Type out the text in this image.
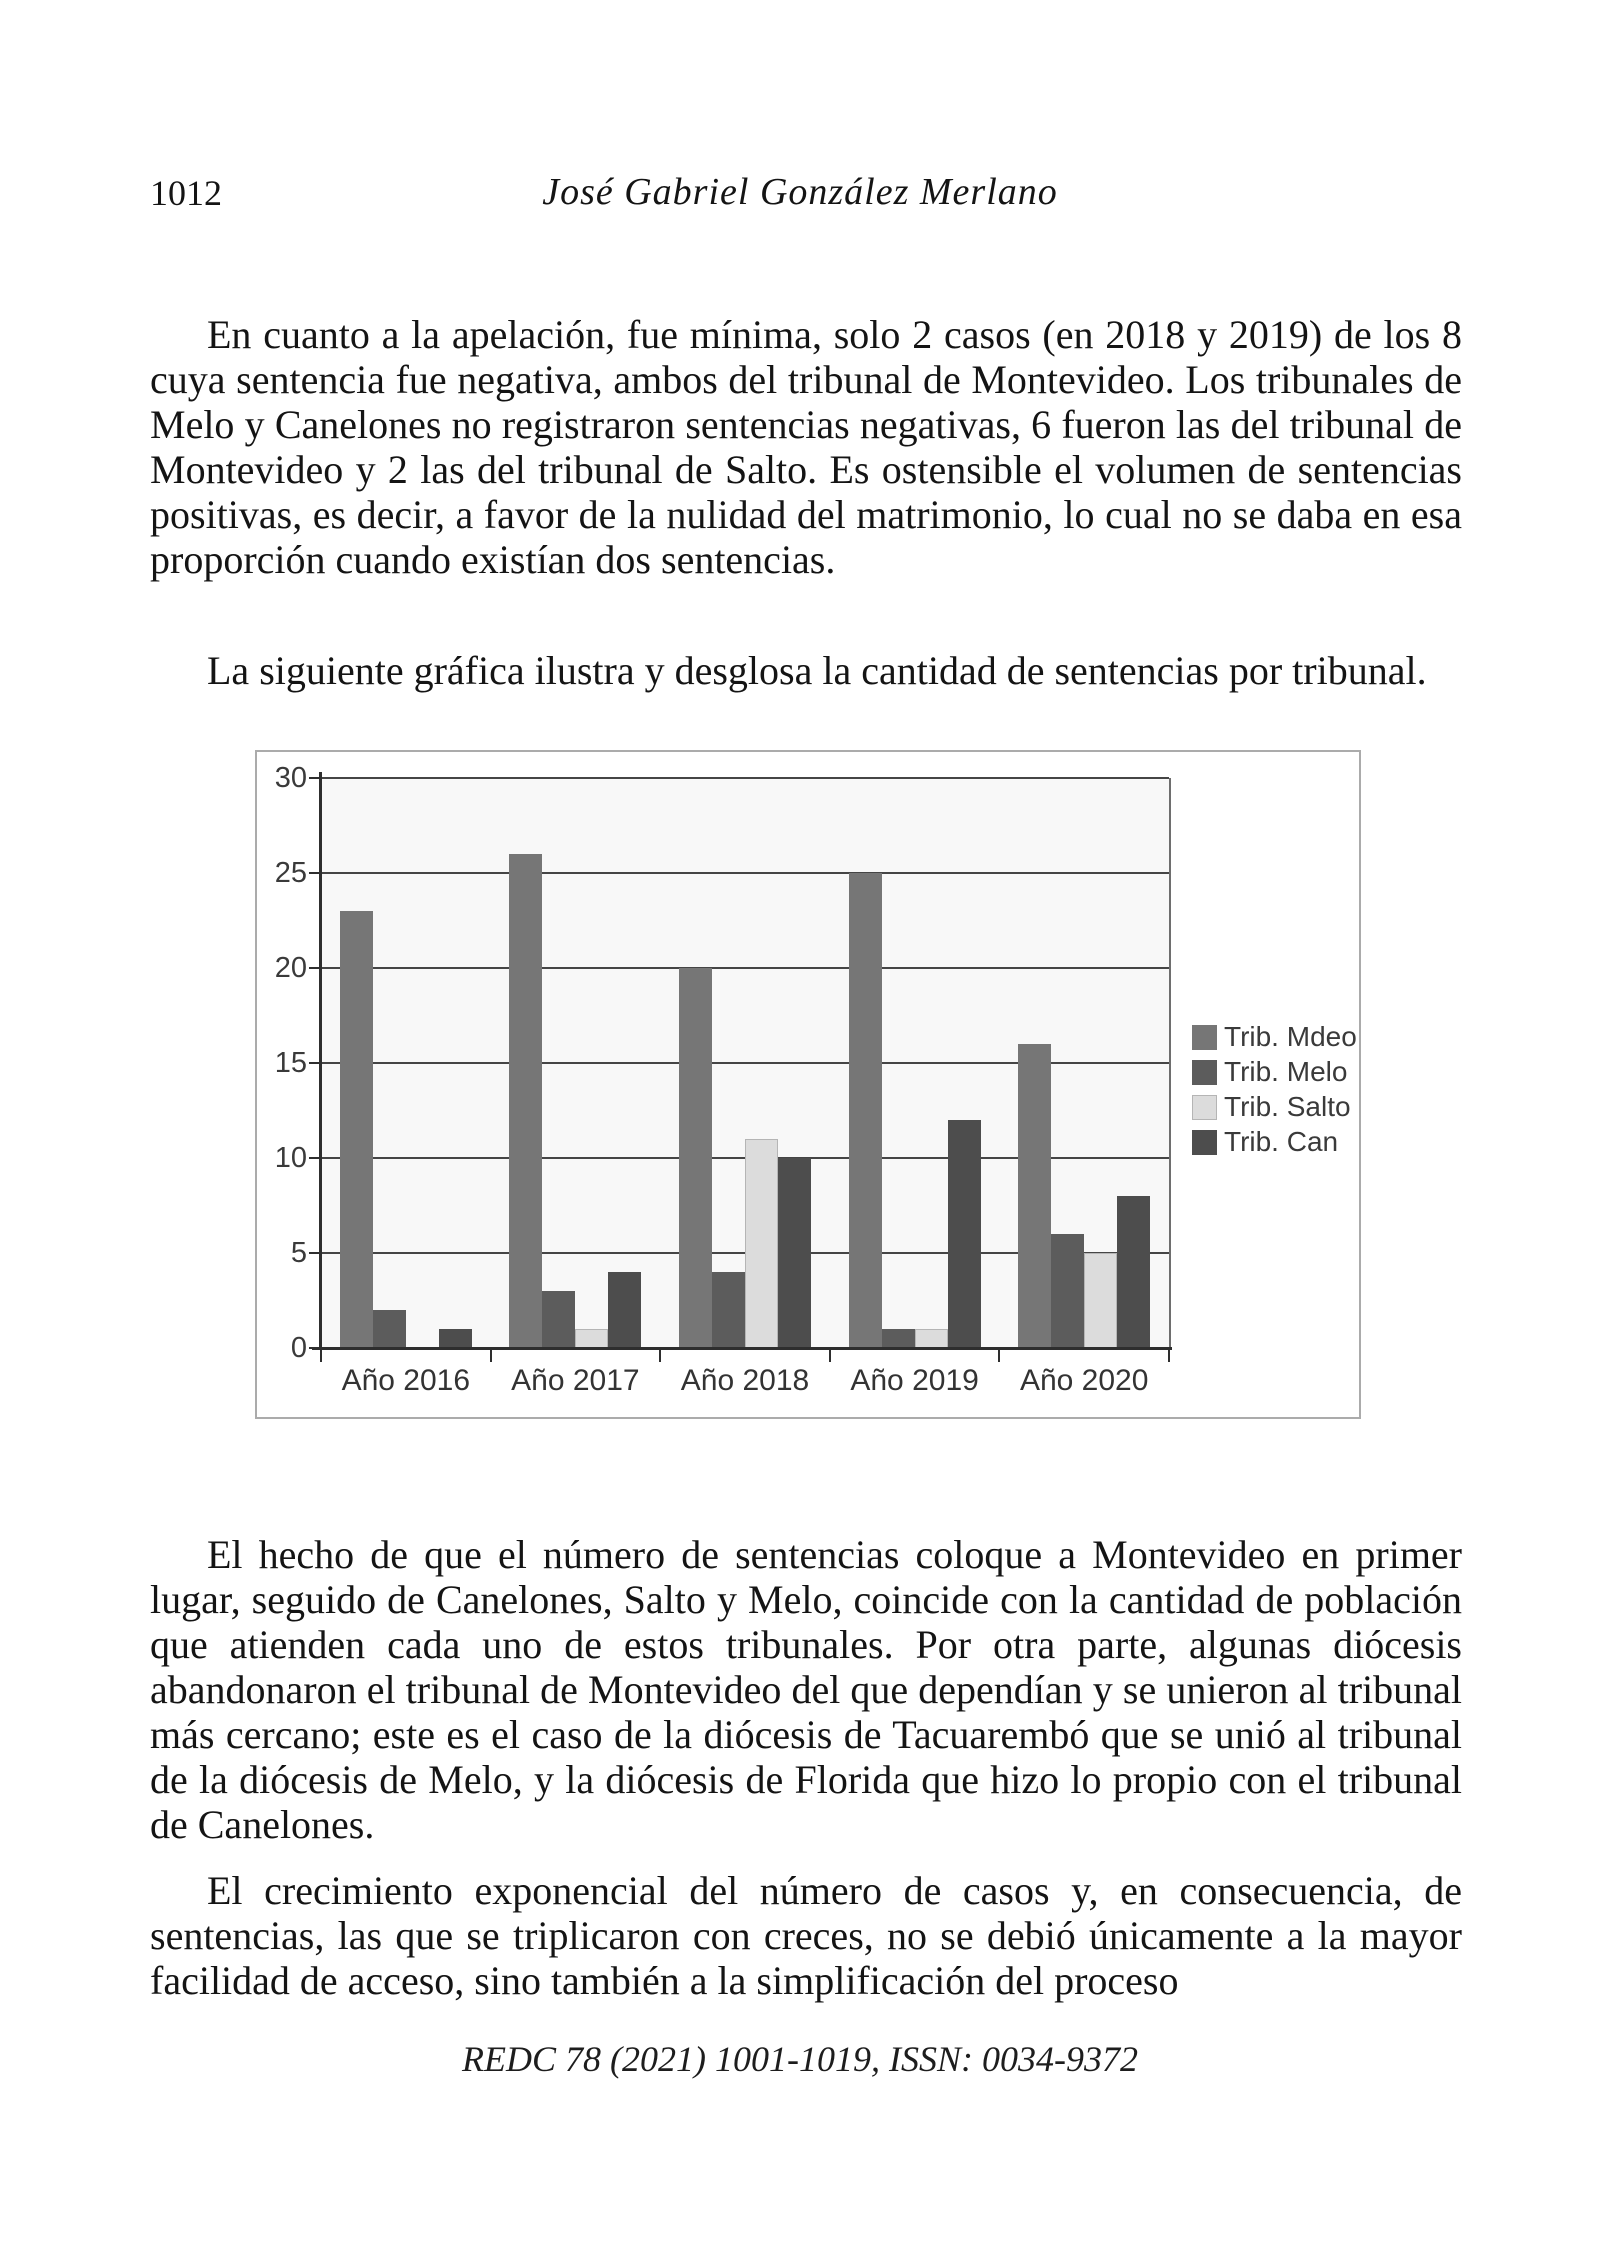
1012	José Gabriel González Merlano

En cuanto a la apelación, fue mínima, solo 2 casos (en 2018 y 2019) de los 8 cuya sentencia fue negativa, ambos del tribunal de Montevideo. Los tribunales de Melo y Canelones no registraron sentencias negativas, 6 fueron las del tribunal de Montevideo y 2 las del tribunal de Salto. Es ostensible el volumen de sentencias positivas, es decir, a favor de la nulidad del matrimonio, lo cual no se daba en esa proporción cuando existían dos sentencias.

La siguiente gráfica ilustra y desglosa la cantidad de sentencias por tribunal.

0
5
10
15
20
25
30
Año 2016	Año 2017	Año 2018	Año 2019	Año 2020
Trib. Mdeo
Trib. Melo
Trib. Salto
Trib. Can

El hecho de que el número de sentencias coloque a Montevideo en primer lugar, seguido de Canelones, Salto y Melo, coincide con la cantidad de población que atienden cada uno de estos tribunales. Por otra parte, algunas diócesis abandonaron el tribunal de Montevideo del que dependían y se unieron al tribunal más cercano; este es el caso de la diócesis de Tacuarembó que se unió al tribunal de la diócesis de Melo, y la diócesis de Florida que hizo lo propio con el tribunal de Canelones.

El crecimiento exponencial del número de casos y, en consecuencia, de sentencias, las que se triplicaron con creces, no se debió únicamente a la mayor facilidad de acceso, sino también a la simplificación del proceso

REDC 78 (2021) 1001-1019, ISSN: 0034-9372
